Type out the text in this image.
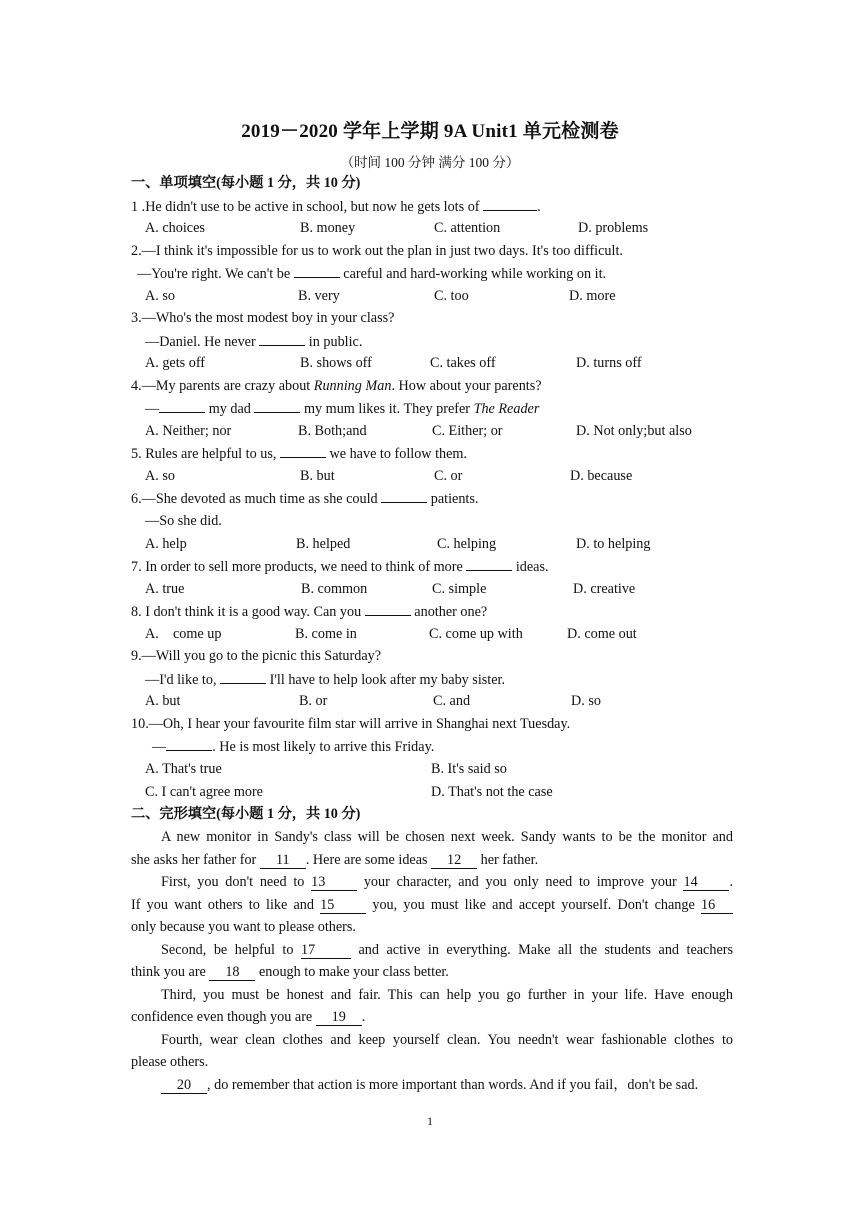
2019－2020 学年上学期 9A Unit1 单元检测卷
（时间 100 分钟 满分 100 分）
一、单项填空(每小题 1 分，共 10 分)
1 .He didn't use to be active in school, but now he gets lots of	.
A. choices	B. money	C. attention	D. problems
2.—I think it's impossible for us to work out the plan in just two days. It's too difficult.
—You're right. We can't be	careful and hard-working while working on it.
A. so	B. very	C. too	D. more
3.—Who's the most modest boy in your class?
—Daniel. He never	in public.
A. gets off	B. shows off	C. takes off	D. turns off
4.—My parents are crazy about Running Man. How about your parents?
—	my dad	my mum likes it. They prefer The Reader
A. Neither; nor	B. Both;and	C. Either; or	D. Not only;but also
5. Rules are helpful to us,	we have to follow them.
A. so	B. but	C. or	D. because
6.—She devoted as much time as she could	patients.
—So she did.
A. help	B. helped	C. helping	D. to helping
7. In order to sell more products, we need to think of more	ideas.
A. true	B. common	C. simple	D. creative
8. I don't think it is a good way. Can you	another one?
A.    come up	B. come in	C. come up with	D. come out
9.—Will you go to the picnic this Saturday?
—I'd like to,	I'll have to help look after my baby sister.
A. but	B. or	C. and	D. so
10.—Oh, I hear your favourite film star will arrive in Shanghai next Tuesday.
—	. He is most likely to arrive this Friday.
A. That's true	B. It's said so
C. I can't agree more	D. That's not the case
二、完形填空(每小题 1 分，共 10 分)
A new monitor in Sandy's class will be chosen next week. Sandy wants to be the monitor and
she asks her father for 11 . Here are some ideas 12 her father.
First, you don't need to 13 your character, and you only need to improve your 14 .
If you want others to like and 15 you, you must like and accept yourself. Don't change 16
only because you want to please others.
Second, be helpful to 17	and active in everything. Make all the students and teachers
think you are 18 enough to make your class better.
Third, you must be honest and fair. This can help you go further in your life. Have enough
confidence even though you are 19 .
Fourth, wear clean clothes and keep yourself clean. You needn't wear fashionable clothes to
please others.
20 , do remember that action is more important than words. And if you fail，don't be sad.
1
